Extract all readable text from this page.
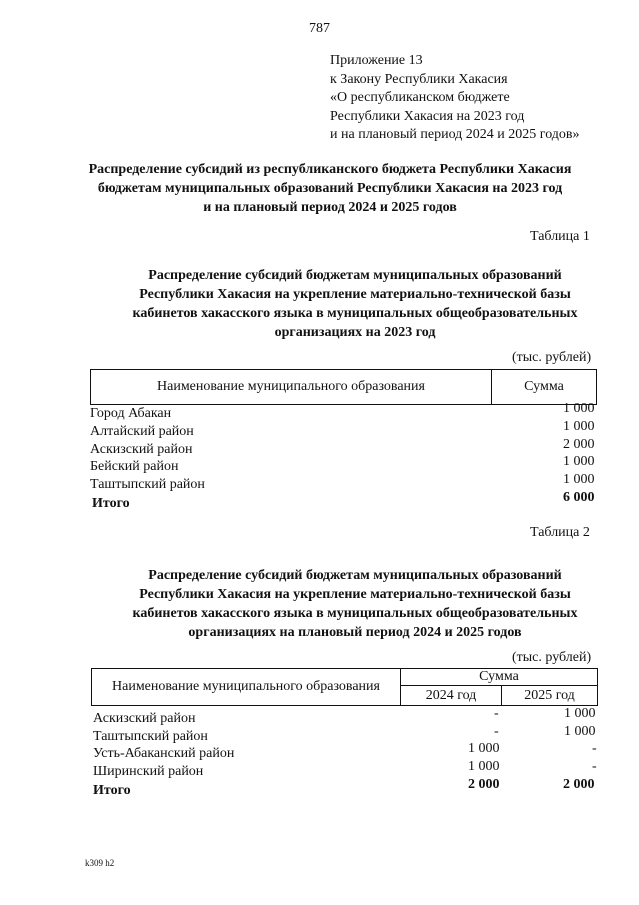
787
Приложение 13
к Закону Республики Хакасия
«О республиканском бюджете
Республики Хакасия на 2023 год
и на плановый период 2024 и 2025 годов»
Распределение субсидий из республиканского бюджета Республики Хакасия
бюджетам муниципальных образований Республики Хакасия на 2023 год
и на плановый период 2024 и 2025 годов
Таблица 1
Распределение субсидий бюджетам муниципальных образований
Республики Хакасия на укрепление материально-технической базы
кабинетов хакасского языка в муниципальных общеобразовательных
организациях на 2023 год
(тыс. рублей)
Наименование муниципального образования	Сумма
Город Абакан	1 000
Алтайский район	1 000
Аскизский район	2 000
Бейский район	1 000
Таштыпский район	1 000
Итого	6 000
Таблица 2
Распределение субсидий бюджетам муниципальных образований
Республики Хакасия на укрепление материально-технической базы
кабинетов хакасского языка в муниципальных общеобразовательных
организациях на плановый период 2024 и 2025 годов
(тыс. рублей)
Наименование муниципального образования	Сумма	
	2024 год	2025 год
Аскизский район	-	1 000
Таштыпский район	-	1 000
Усть-Абаканский район	1 000	-
Ширинский район	1 000	-
Итого	2 000	2 000
k309 h2
